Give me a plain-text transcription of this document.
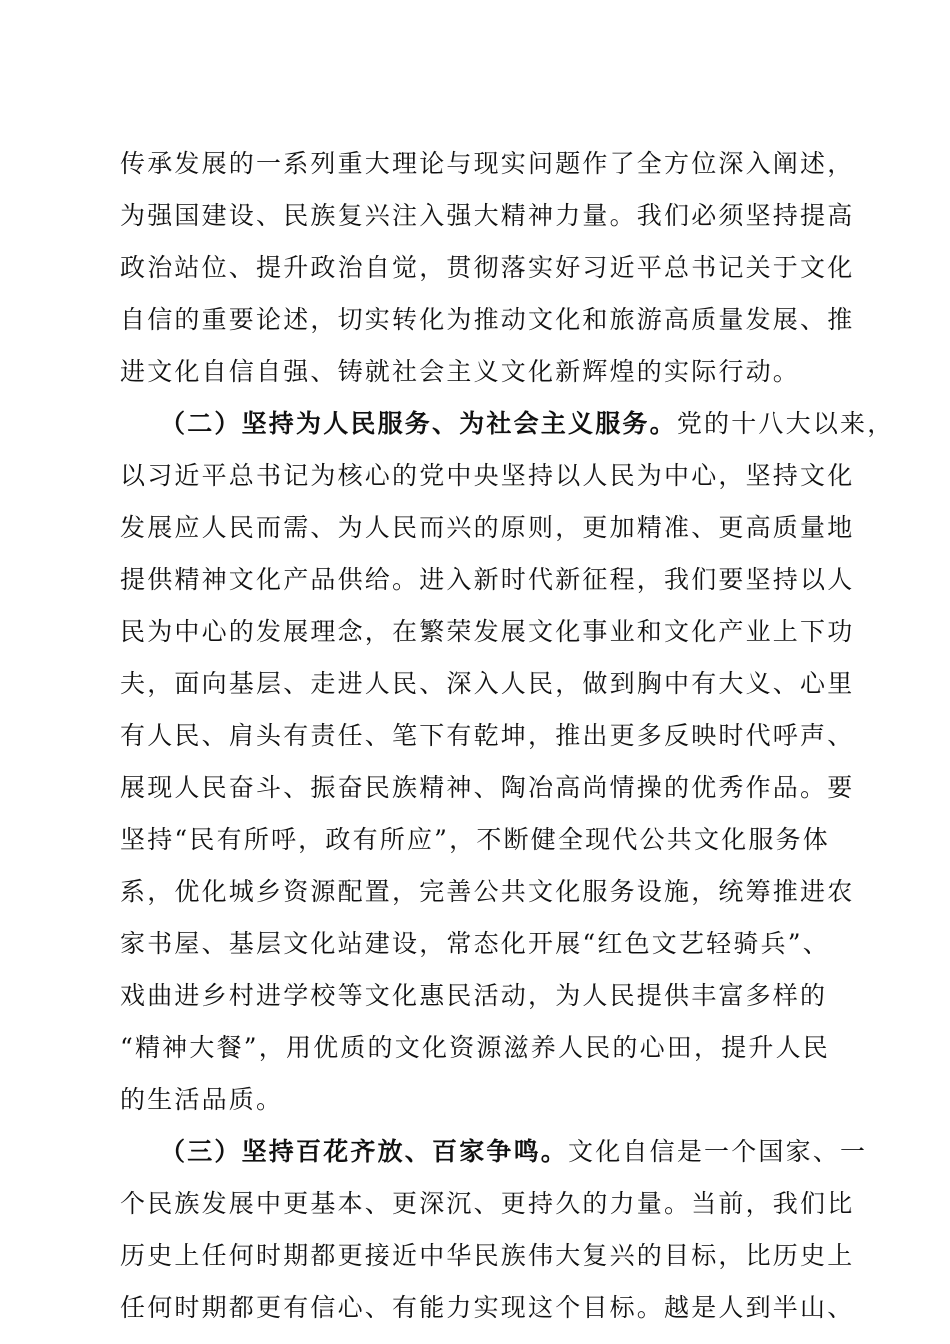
传承发展的一系列重大理论与现实问题作了全方位深入阐述，
为强国建设、民族复兴注入强大精神力量。我们必须坚持提高
政治站位、提升政治自觉，贯彻落实好习近平总书记关于文化
自信的重要论述，切实转化为推动文化和旅游高质量发展、推
进文化自信自强、铸就社会主义文化新辉煌的实际行动。
（二）坚持为人民服务、为社会主义服务。党的十八大以来，
以习近平总书记为核心的党中央坚持以人民为中心，坚持文化
发展应人民而需、为人民而兴的原则，更加精准、更高质量地
提供精神文化产品供给。进入新时代新征程，我们要坚持以人
民为中心的发展理念，在繁荣发展文化事业和文化产业上下功
夫，面向基层、走进人民、深入人民，做到胸中有大义、心里
有人民、肩头有责任、笔下有乾坤，推出更多反映时代呼声、
展现人民奋斗、振奋民族精神、陶冶高尚情操的优秀作品。要
坚持“民有所呼，政有所应”，不断健全现代公共文化服务体
系，优化城乡资源配置，完善公共文化服务设施，统筹推进农
家书屋、基层文化站建设，常态化开展“红色文艺轻骑兵”、
戏曲进乡村进学校等文化惠民活动，为人民提供丰富多样的
“精神大餐”，用优质的文化资源滋养人民的心田，提升人民
的生活品质。
（三）坚持百花齐放、百家争鸣。文化自信是一个国家、一
个民族发展中更基本、更深沉、更持久的力量。当前，我们比
历史上任何时期都更接近中华民族伟大复兴的目标，比历史上
任何时期都更有信心、有能力实现这个目标。越是人到半山、
